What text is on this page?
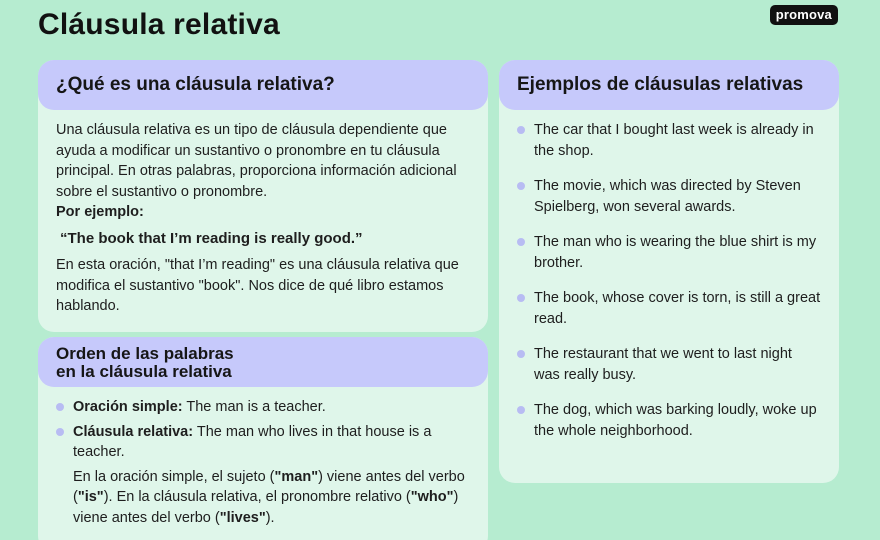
Cláusula relativa	promova
¿Qué es una cláusula relativa?

Una cláusula relativa es un tipo de cláusula dependiente que ayuda a modificar un sustantivo o pronombre en tu cláusula principal. En otras palabras, proporciona información adicional sobre el sustantivo o pronombre.

Por ejemplo:

“The book that I’m reading is really good.”

En esta oración, "that I’m reading" es una cláusula relativa que modifica el sustantivo "book". Nos dice de qué libro estamos hablando.

Orden de las palabras
en la cláusula relativa
Oración simple: The man is a teacher.
Cláusula relativa: The man who lives in that house is a teacher.

En la oración simple, el sujeto ("man") viene antes del verbo ("is"). En la cláusula relativa, el pronombre relativo ("who") viene antes del verbo ("lives").

Ejemplos de cláusulas relativas
The car that I bought last week is already in the shop.
The movie, which was directed by Steven Spielberg, won several awards.
The man who is wearing the blue shirt is my brother.
The book, whose cover is torn, is still a great read.
The restaurant that we went to last night was really busy.
The dog, which was barking loudly, woke up the whole neighborhood.
